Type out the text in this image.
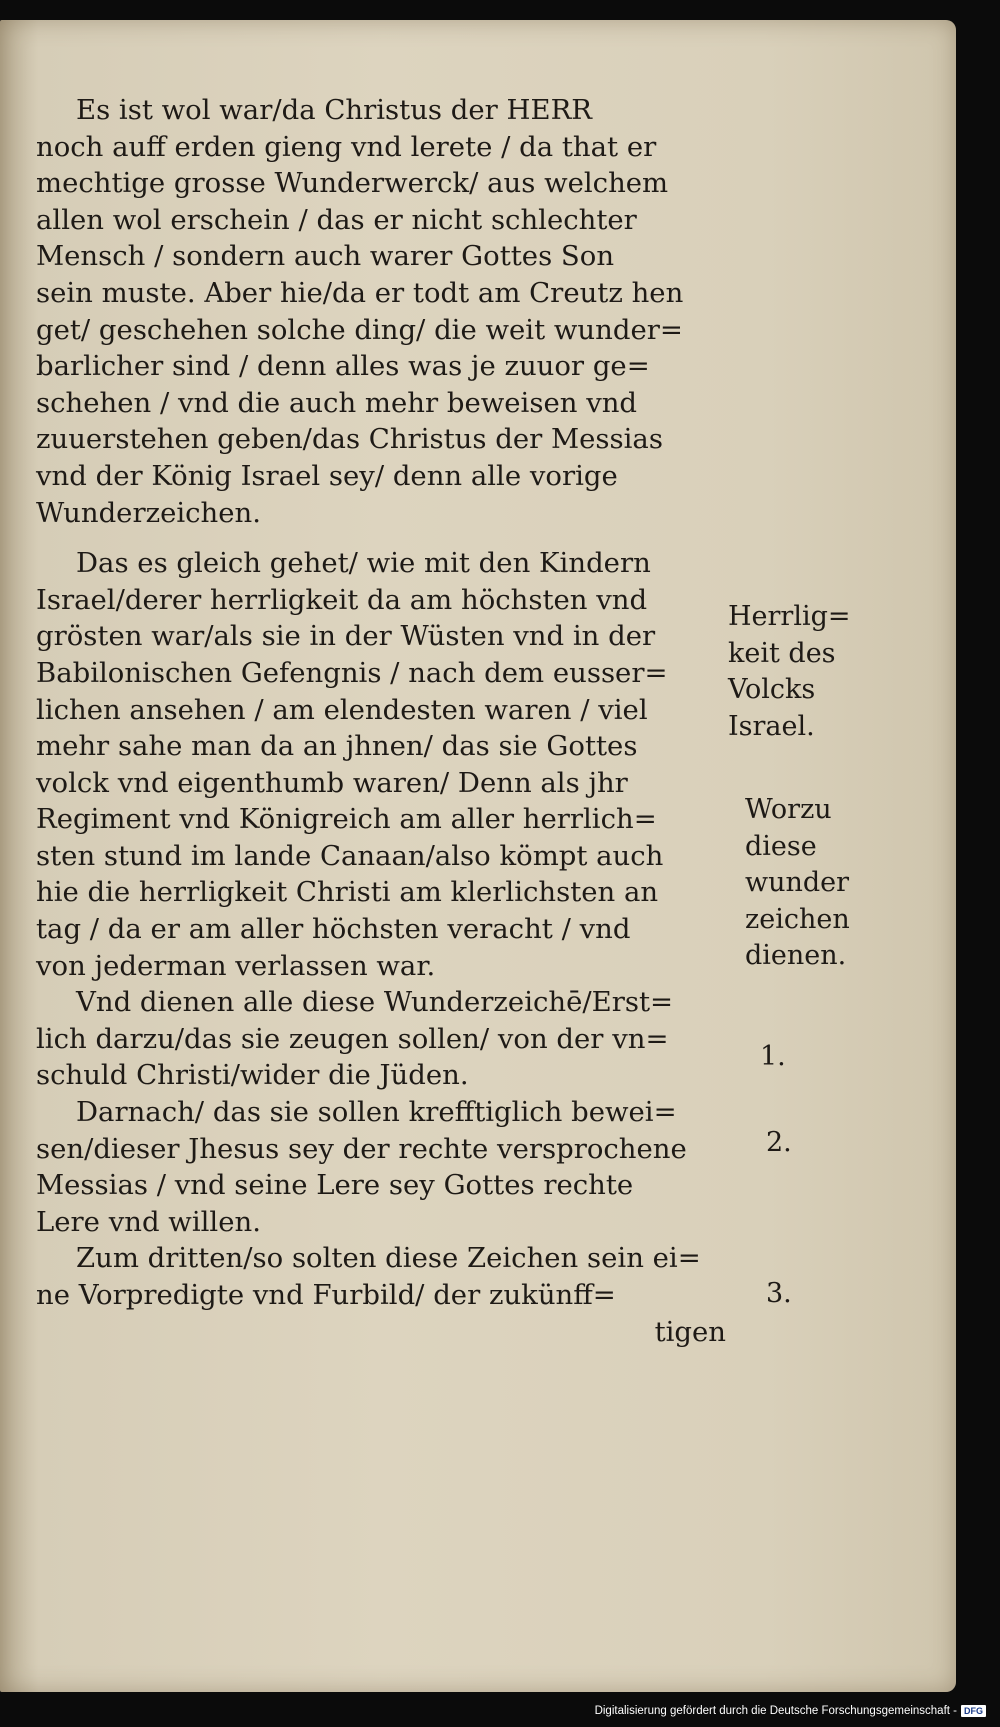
Es ist wol war/da Christus der HERR
noch auff erden gieng vnd lerete / da that er
mechtige grosse Wunderwerck/ aus welchem
allen wol erschein / das er nicht schlechter
Mensch / sondern auch warer Gottes Son
sein muste. Aber hie/da er todt am Creutz hen
get/ geschehen solche ding/ die weit wunder=
barlicher sind / denn alles was je zuuor ge=
schehen / vnd die auch mehr beweisen vnd
zuuerstehen geben/das Christus der Messias
vnd der König Israel sey/ denn alle vorige
Wunderzeichen.
Das es gleich gehet/ wie mit den Kindern
Israel/derer herrligkeit da am höchsten vnd
grösten war/als sie in der Wüsten vnd in der
Babilonischen Gefengnis / nach dem eusser=
lichen ansehen / am elendesten waren / viel
mehr sahe man da an jhnen/ das sie Gottes
volck vnd eigenthumb waren/ Denn als jhr
Regiment vnd Königreich am aller herrlich=
sten stund im lande Canaan/also kömpt auch
hie die herrligkeit Christi am klerlichsten an
tag / da er am aller höchsten veracht / vnd
von jederman verlassen war.
Vnd dienen alle diese Wunderzeichē/Erst=
lich darzu/das sie zeugen sollen/ von der vn=
schuld Christi/wider die Jüden.
Darnach/ das sie sollen krefftiglich bewei=
sen/dieser Jhesus sey der rechte versprochene
Messias / vnd seine Lere sey Gottes rechte
Lere vnd willen.
Zum dritten/so solten diese Zeichen sein ei=
ne Vorpredigte vnd Furbild/ der zukünff=
tigen
Herrlig=
keit des
Volcks
Israel.
Worzu
diese
wunder
zeichen
dienen.
1.
2.
3.
Digitalisierung gefördert durch die Deutsche Forschungsgemeinschaft - DFG
